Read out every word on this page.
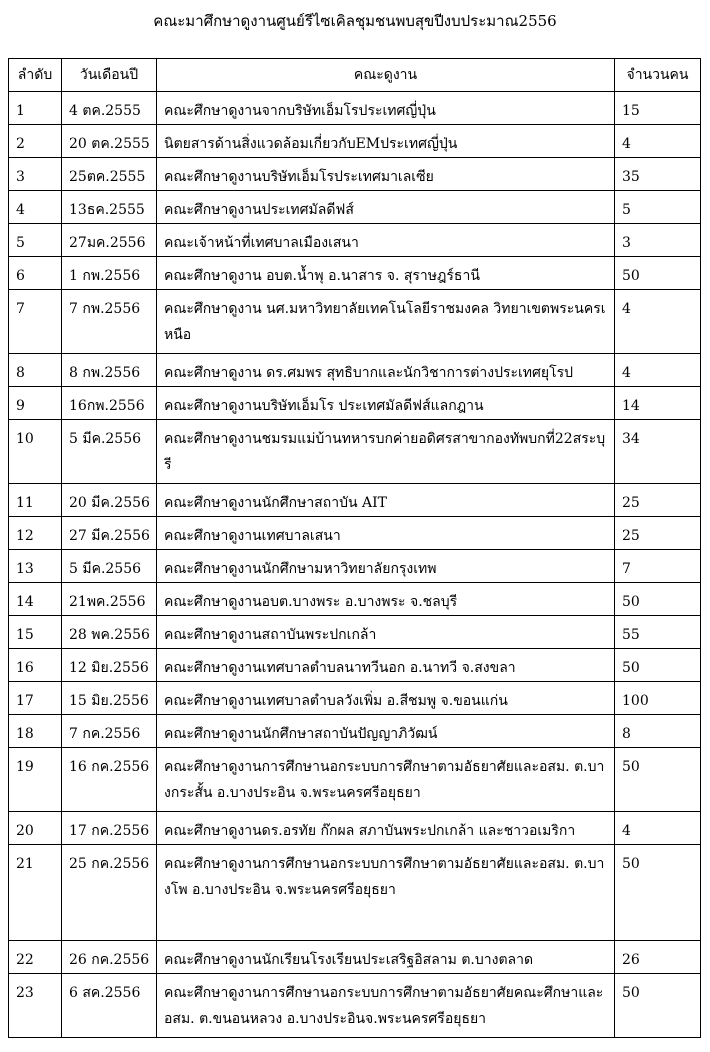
คณะมาศึกษาดูงานศูนย์รีไซเคิลชุมชนพบสุขปีงบประมาณ2556
ลำดับ	วันเดือนปี	คณะดูงาน	จำนวนคน
1	4 ตค.2555	คณะศึกษาดูงานจากบริษัทเอ็มโรประเทศญี่ปุ่น	15
2	20 ตค.2555	นิตยสารด้านสิ่งแวดล้อมเกี่ยวกับEMประเทศญี่ปุ่น	4
3	25ตค.2555	คณะศึกษาดูงานบริษัทเอ็มโรประเทศมาเลเซีย	35
4	13ธค.2555	คณะศึกษาดูงานประเทศมัลดีฟส์	5
5	27มค.2556	คณะเจ้าหน้าที่เทศบาลเมืองเสนา	3
6	1 กพ.2556	คณะศึกษาดูงาน อบต.น้ำพุ อ.นาสาร จ. สุราษฎร์ธานี	50
7	7 กพ.2556	คณะศึกษาดูงาน นศ.มหาวิทยาลัยเทคโนโลยีราชมงคล วิทยาเขตพระนครเหนือ	4
8	8 กพ.2556	คณะศึกษาดูงาน ดร.ศมพร สุทธิบากและนักวิชาการต่างประเทศยุโรป	4
9	16กพ.2556	คณะศึกษาดูงานบริษัทเอ็มโร ประเทศมัลดีฟส์แลกฎาน	14
10	5 มีค.2556	คณะศึกษาดูงานชมรมแม่บ้านทหารบกค่ายอดิศรสาขากองทัพบกที่22สระบุรี	34
11	20 มีค.2556	คณะศึกษาดูงานนักศึกษาสถาบัน AIT	25
12	27 มีค.2556	คณะศึกษาดูงานเทศบาลเสนา	25
13	5 มีค.2556	คณะศึกษาดูงานนักศึกษามหาวิทยาลัยกรุงเทพ	7
14	21พค.2556	คณะศึกษาดูงานอบต.บางพระ อ.บางพระ จ.ชลบุรี	50
15	28 พค.2556	คณะศึกษาดูงานสถาบันพระปกเกล้า	55
16	12 มิย.2556	คณะศึกษาดูงานเทศบาลตำบลนาทวีนอก อ.นาทวี จ.สงขลา	50
17	15 มิย.2556	คณะศึกษาดูงานเทศบาลตำบลวังเพิ่ม อ.สีชมพู จ.ขอนแก่น	100
18	7 กค.2556	คณะศึกษาดูงานนักศึกษาสถาบันปัญญาภิวัฒน์	8
19	16 กค.2556	คณะศึกษาดูงานการศึกษานอกระบบการศึกษาตามอัธยาศัยและอสม. ต.บางกระสั้น อ.บางประอิน จ.พระนครศรีอยุธยา	50
20	17 กค.2556	คณะศึกษาดูงานดร.อรทัย ก๊กผล สภาบันพระปกเกล้า และชาวอเมริกา	4
21	25 กค.2556	คณะศึกษาดูงานการศึกษานอกระบบการศึกษาตามอัธยาศัยและอสม. ต.บางโพ อ.บางประอิน จ.พระนครศรีอยุธยา	50
22	26 กค.2556	คณะศึกษาดูงานนักเรียนโรงเรียนประเสริฐอิสลาม ต.บางตลาด	26
23	6 สค.2556	คณะศึกษาดูงานการศึกษานอกระบบการศึกษาตามอัธยาศัยคณะศึกษาและอสม. ต.ขนอนหลวง อ.บางประอินจ.พระนครศรีอยุธยา	50
